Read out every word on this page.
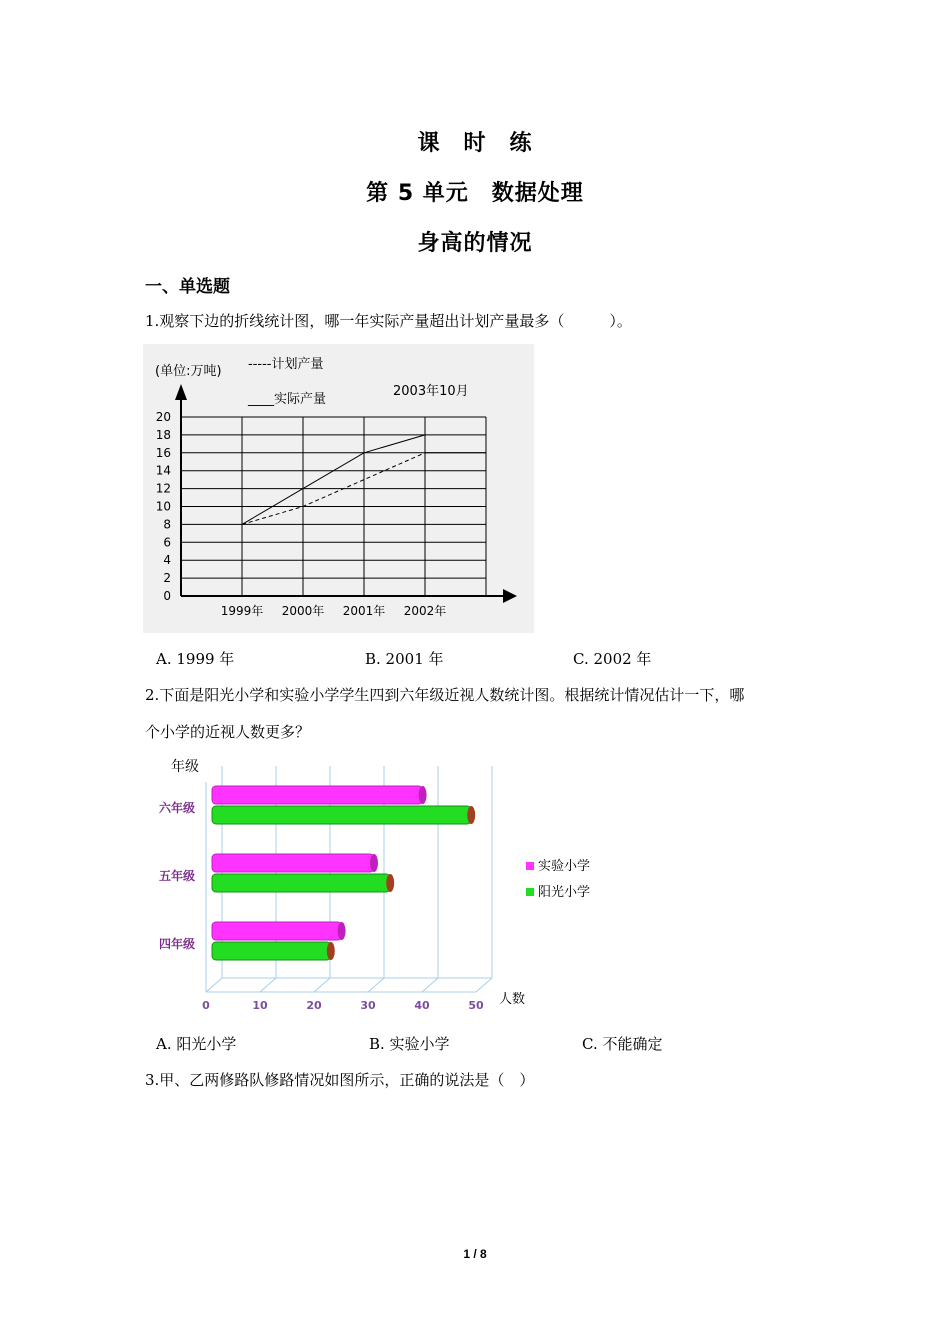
课　时　练
第 5 单元　数据处理
身高的情况
一、单选题
1.观察下边的折线统计图，哪一年实际产量超出计划产量最多（　　　）。
0
2
4
6
8
10
12
14
16
18
20
1999年 2000年 2001年 2002年
(单位:万吨) -----计划产量
____实际产量
2003年10月
A. 1999 年	B. 2001 年	C. 2002 年
2.下面是阳光小学和实验小学学生四到六年级近视人数统计图。根据统计情况估计一下，哪
个小学的近视人数更多？
0	10	20	30	40	50 人数
年级
六年级
五年级
四年级
实验小学
阳光小学
A. 阳光小学	B. 实验小学	C. 不能确定
3.甲、乙两修路队修路情况如图所示，正确的说法是（　）
1 / 8
